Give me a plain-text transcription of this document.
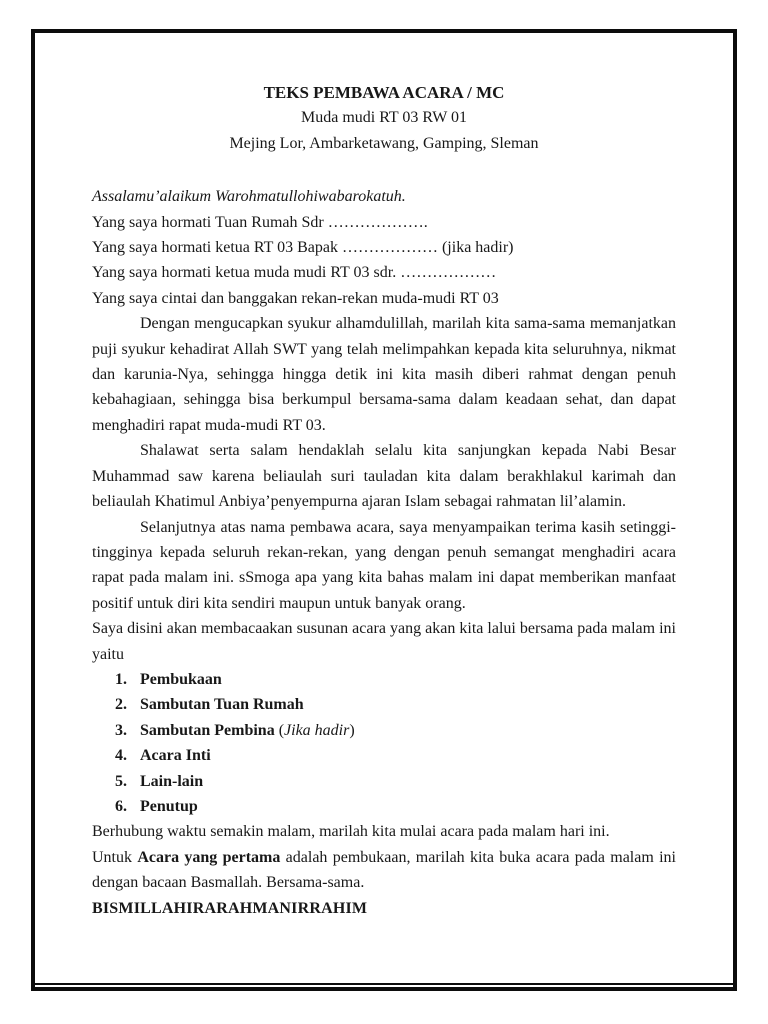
TEKS PEMBAWA ACARA / MC
Muda mudi RT 03 RW 01
Mejing Lor, Ambarketawang, Gamping, Sleman

Assalamu’alaikum Warohmatullohiwabarokatuh.

Yang saya hormati Tuan Rumah Sdr ……………….

Yang saya hormati ketua RT 03 Bapak ……………… (jika hadir)

Yang saya hormati ketua muda mudi RT 03 sdr. ………………

Yang saya cintai dan banggakan rekan-rekan muda-mudi RT 03

Dengan mengucapkan syukur alhamdulillah, marilah kita sama-sama memanjatkan puji syukur kehadirat Allah SWT yang telah melimpahkan kepada kita seluruhnya, nikmat dan karunia-Nya, sehingga hingga detik ini kita masih diberi rahmat dengan penuh kebahagiaan, sehingga bisa berkumpul bersama-sama dalam keadaan sehat, dan dapat menghadiri rapat muda-mudi RT 03.

Shalawat serta salam hendaklah selalu kita sanjungkan kepada Nabi Besar Muhammad saw karena beliaulah suri tauladan kita dalam berakhlakul karimah dan beliaulah Khatimul Anbiya’penyempurna ajaran Islam sebagai rahmatan lil’alamin.

Selanjutnya atas nama pembawa acara, saya menyampaikan terima kasih setinggi-tingginya kepada seluruh rekan-rekan, yang dengan penuh semangat menghadiri acara rapat pada malam ini. sSmoga apa yang kita bahas malam ini dapat memberikan manfaat positif untuk diri kita sendiri maupun untuk banyak orang.

Saya disini akan membacaakan susunan acara yang akan kita lalui bersama pada malam ini yaitu

1. Pembukaan
2. Sambutan Tuan Rumah
3. Sambutan Pembina (Jika hadir)
4. Acara Inti
5. Lain-lain
6. Penutup

Berhubung waktu semakin malam, marilah kita mulai acara pada malam hari ini.

Untuk Acara yang pertama adalah pembukaan, marilah kita buka acara pada malam ini dengan bacaan Basmallah. Bersama-sama.

BISMILLAHIRARAHMANIRRAHIM
